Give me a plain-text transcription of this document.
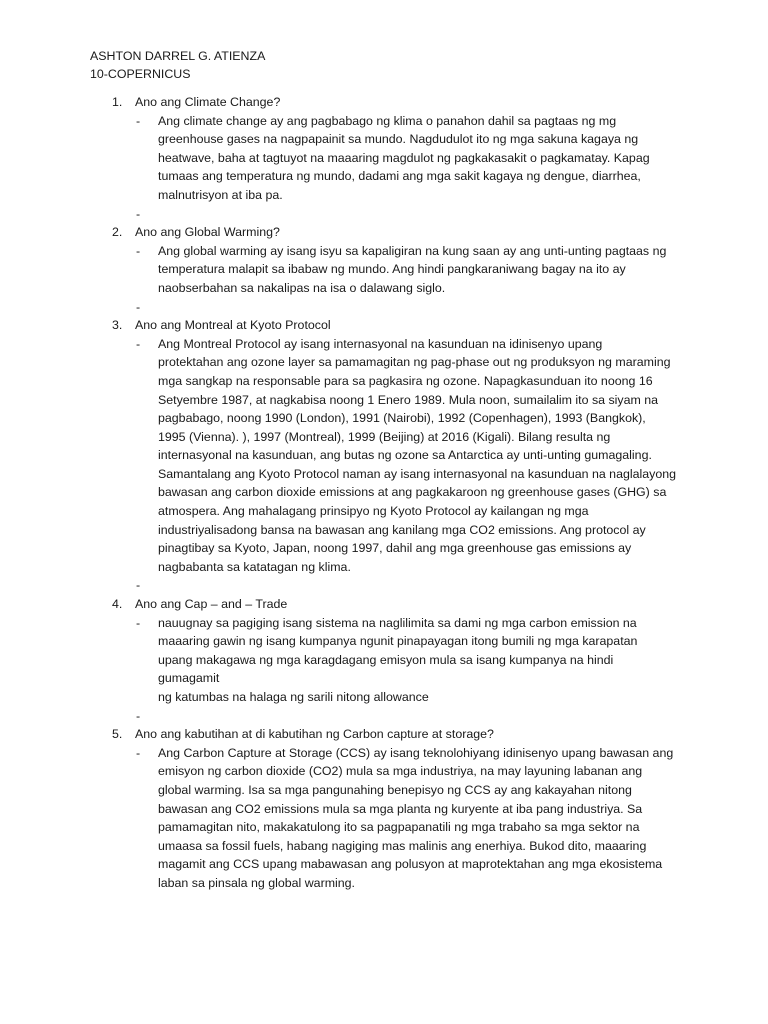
ASHTON DARREL G. ATIENZA
10-COPERNICUS
1. Ano ang Climate Change?
- Ang climate change ay ang pagbabago ng klima o panahon dahil sa pagtaas ng mg
greenhouse gases na nagpapainit sa mundo. Nagdudulot ito ng mga sakuna kagaya ng
heatwave, baha at tagtuyot na maaaring magdulot ng pagkakasakit o pagkamatay. Kapag
tumaas ang temperatura ng mundo, dadami ang mga sakit kagaya ng dengue, diarrhea,
malnutrisyon at iba pa.
-
2. Ano ang Global Warming?
- Ang global warming ay isang isyu sa kapaligiran na kung saan ay ang unti-unting pagtaas ng
temperatura malapit sa ibabaw ng mundo. Ang hindi pangkaraniwang bagay na ito ay
naobserbahan sa nakalipas na isa o dalawang siglo.
-
3. Ano ang Montreal at Kyoto Protocol
- Ang Montreal Protocol ay isang internasyonal na kasunduan na idinisenyo upang
protektahan ang ozone layer sa pamamagitan ng pag-phase out ng produksyon ng maraming
mga sangkap na responsable para sa pagkasira ng ozone. Napagkasunduan ito noong 16
Setyembre 1987, at nagkabisa noong 1 Enero 1989. Mula noon, sumailalim ito sa siyam na
pagbabago, noong 1990 (London), 1991 (Nairobi), 1992 (Copenhagen), 1993 (Bangkok),
1995 (Vienna). ), 1997 (Montreal), 1999 (Beijing) at 2016 (Kigali). Bilang resulta ng
internasyonal na kasunduan, ang butas ng ozone sa Antarctica ay unti-unting gumagaling.
Samantalang ang Kyoto Protocol naman ay isang internasyonal na kasunduan na naglalayong
bawasan ang carbon dioxide emissions at ang pagkakaroon ng greenhouse gases (GHG) sa
atmospera. Ang mahalagang prinsipyo ng Kyoto Protocol ay kailangan ng mga
industriyalisadong bansa na bawasan ang kanilang mga CO2 emissions. Ang protocol ay
pinagtibay sa Kyoto, Japan, noong 1997, dahil ang mga greenhouse gas emissions ay
nagbabanta sa katatagan ng klima.
-
4. Ano ang Cap – and – Trade
- nauugnay sa pagiging isang sistema na naglilimita sa dami ng mga carbon emission na
maaaring gawin ng isang kumpanya ngunit pinapayagan itong bumili ng mga karapatan
upang makagawa ng mga karagdagang emisyon mula sa isang kumpanya na hindi gumagamit
ng katumbas na halaga ng sarili nitong allowance
-
5. Ano ang kabutihan at di kabutihan ng Carbon capture at storage?
- Ang Carbon Capture at Storage (CCS) ay isang teknolohiyang idinisenyo upang bawasan ang
emisyon ng carbon dioxide (CO2) mula sa mga industriya, na may layuning labanan ang
global warming. Isa sa mga pangunahing benepisyo ng CCS ay ang kakayahan nitong
bawasan ang CO2 emissions mula sa mga planta ng kuryente at iba pang industriya. Sa
pamamagitan nito, makakatulong ito sa pagpapanatili ng mga trabaho sa mga sektor na
umaasa sa fossil fuels, habang nagiging mas malinis ang enerhiya. Bukod dito, maaaring
magamit ang CCS upang mabawasan ang polusyon at maprotektahan ang mga ekosistema
laban sa pinsala ng global warming.
